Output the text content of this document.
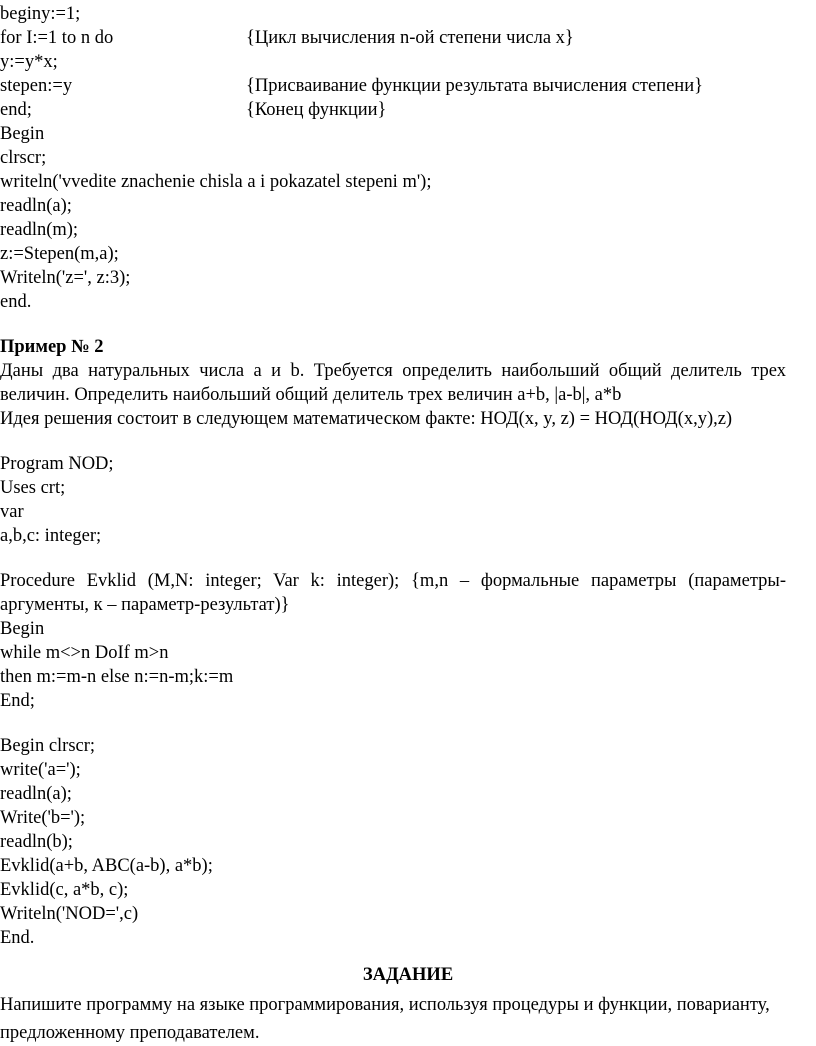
beginy:=1;
for I:=1 to n do	{Цикл вычисления n-ой степени числа x}
y:=y*x;
stepen:=y	{Присваивание функции результата вычисления степени}
end;	{Конец функции}
Begin
clrscr;
writeln('vvedite znachenie chisla a i pokazatel stepeni m');
readln(a);
readln(m);
z:=Stepen(m,a);
Writeln('z=', z:3);
end.
Пример № 2
Даны два натуральных числа a и b. Требуется определить наибольший общий делитель трех
величин. Определить наибольший общий делитель трех величин a+b, |a-b|, a*b
Идея решения состоит в следующем математическом факте: НОД(x, y, z) = НОД(НОД(x,y),z)
Program NOD;
Uses crt;
var
a,b,c: integer;
Procedure Evklid (M,N: integer; Var k: integer); {m,n – формальные параметры (параметры-
аргументы, к – параметр-результат)}
Begin
while m<>n DoIf m>n
then m:=m-n else n:=n-m;k:=m
End;
Begin clrscr;
write('a=');
readln(a);
Write('b=');
readln(b);
Evklid(a+b, ABC(a-b), a*b);
Evklid(c, a*b, c);
Writeln('NOD=',c)
End.
ЗАДАНИЕ
Напишите программу на языке программирования, используя процедуры и функции, поварианту,
предложенному преподавателем.
